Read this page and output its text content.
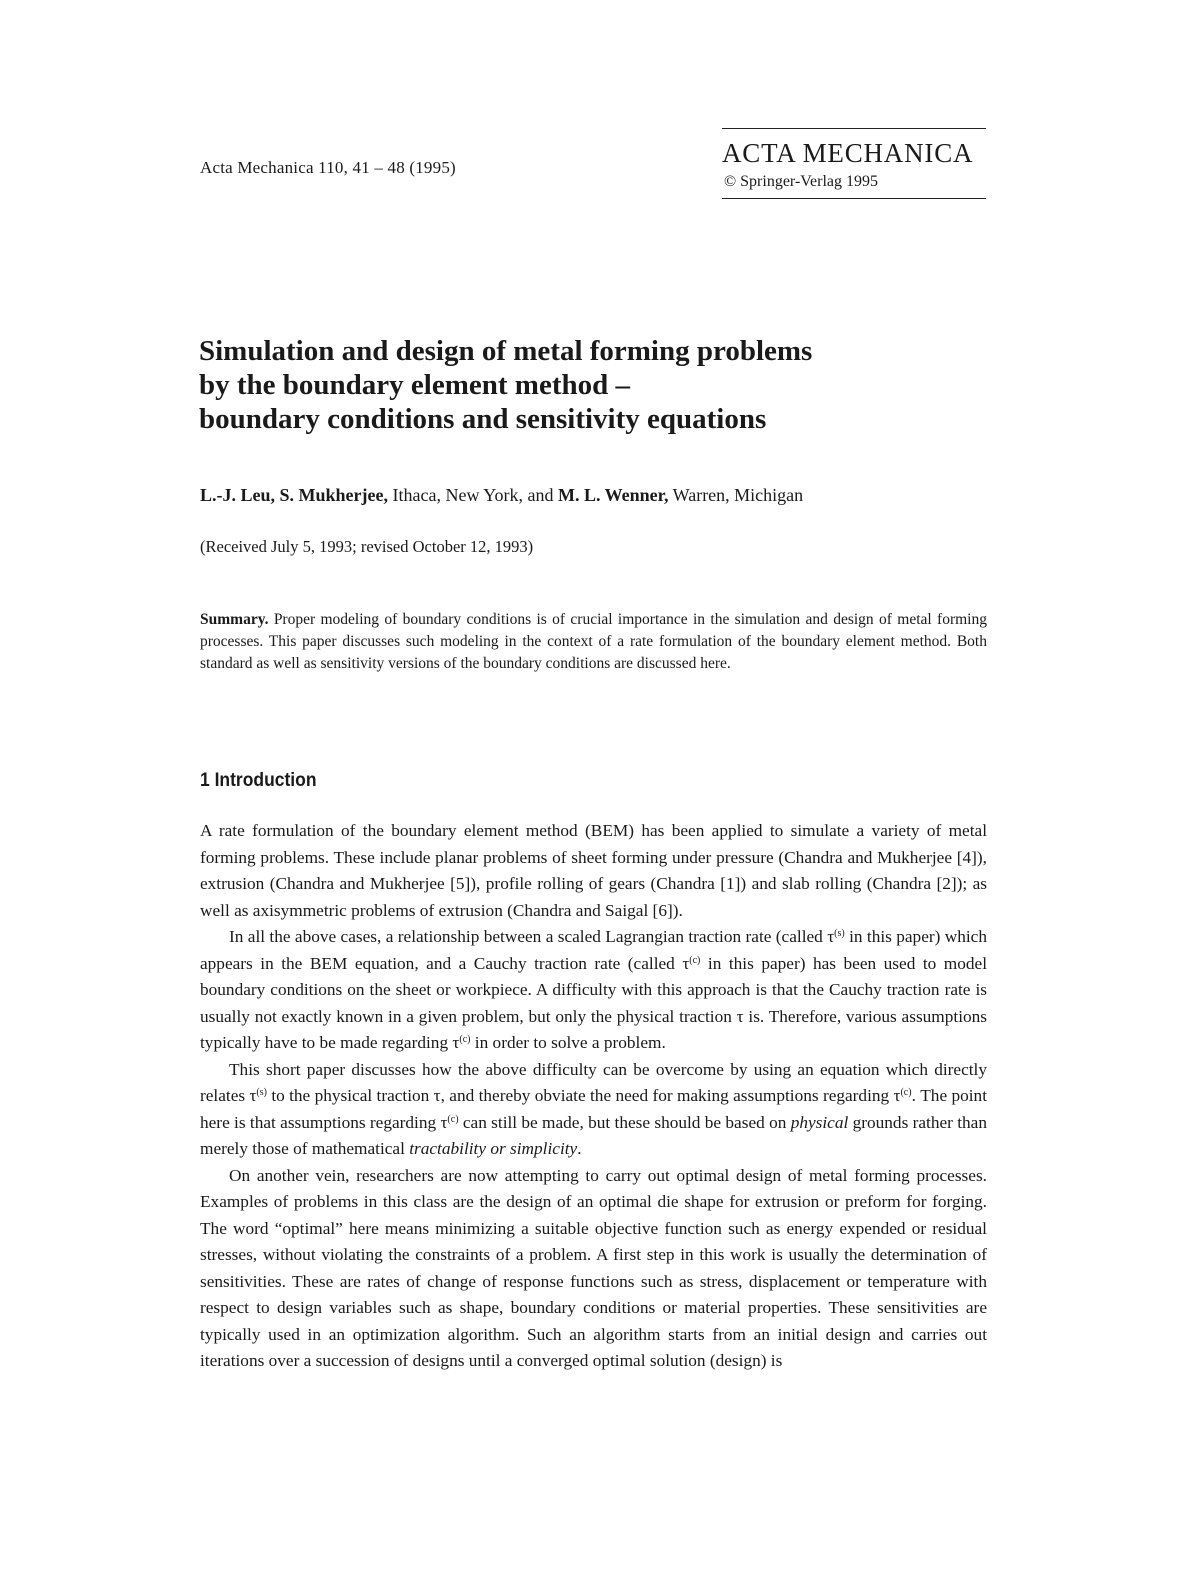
Acta Mechanica 110, 41 – 48 (1995)	ACTA MECHANICA
© Springer-Verlag 1995
Simulation and design of metal forming problems
by the boundary element method –
boundary conditions and sensitivity equations
L.-J. Leu, S. Mukherjee, Ithaca, New York, and M. L. Wenner, Warren, Michigan
(Received July 5, 1993; revised October 12, 1993)
Summary. Proper modeling of boundary conditions is of crucial importance in the simulation and design of metal forming processes. This paper discusses such modeling in the context of a rate formulation of the boundary element method. Both standard as well as sensitivity versions of the boundary conditions are discussed here.
1 Introduction

A rate formulation of the boundary element method (BEM) has been applied to simulate a variety of metal forming problems. These include planar problems of sheet forming under pressure (Chandra and Mukherjee [4]), extrusion (Chandra and Mukherjee [5]), profile rolling of gears (Chandra [1]) and slab rolling (Chandra [2]); as well as axisymmetric problems of extrusion (Chandra and Saigal [6]).

In all the above cases, a relationship between a scaled Lagrangian traction rate (called $\tau^{(s)}$ in this paper) which appears in the BEM equation, and a Cauchy traction rate (called $\tau^{(c)}$ in this paper) has been used to model boundary conditions on the sheet or workpiece. A difficulty with this approach is that the Cauchy traction rate is usually not exactly known in a given problem, but only the physical traction τ is. Therefore, various assumptions typically have to be made regarding $\tau^{(c)}$ in order to solve a problem.

This short paper discusses how the above difficulty can be overcome by using an equation which directly relates $\tau^{(s)}$ to the physical traction τ, and thereby obviate the need for making assumptions regarding $\tau^{(c)}$. The point here is that assumptions regarding $\tau^{(c)}$ can still be made, but these should be based on physical grounds rather than merely those of mathematical tractability or simplicity.

On another vein, researchers are now attempting to carry out optimal design of metal forming processes. Examples of problems in this class are the design of an optimal die shape for extrusion or preform for forging. The word “optimal” here means minimizing a suitable objective function such as energy expended or residual stresses, without violating the constraints of a problem. A first step in this work is usually the determination of sensitivities. These are rates of change of response functions such as stress, displacement or temperature with respect to design variables such as shape, boundary conditions or material properties. These sensitivities are typically used in an optimization algorithm. Such an algorithm starts from an initial design and carries out iterations over a succession of designs until a converged optimal solution (design) is
